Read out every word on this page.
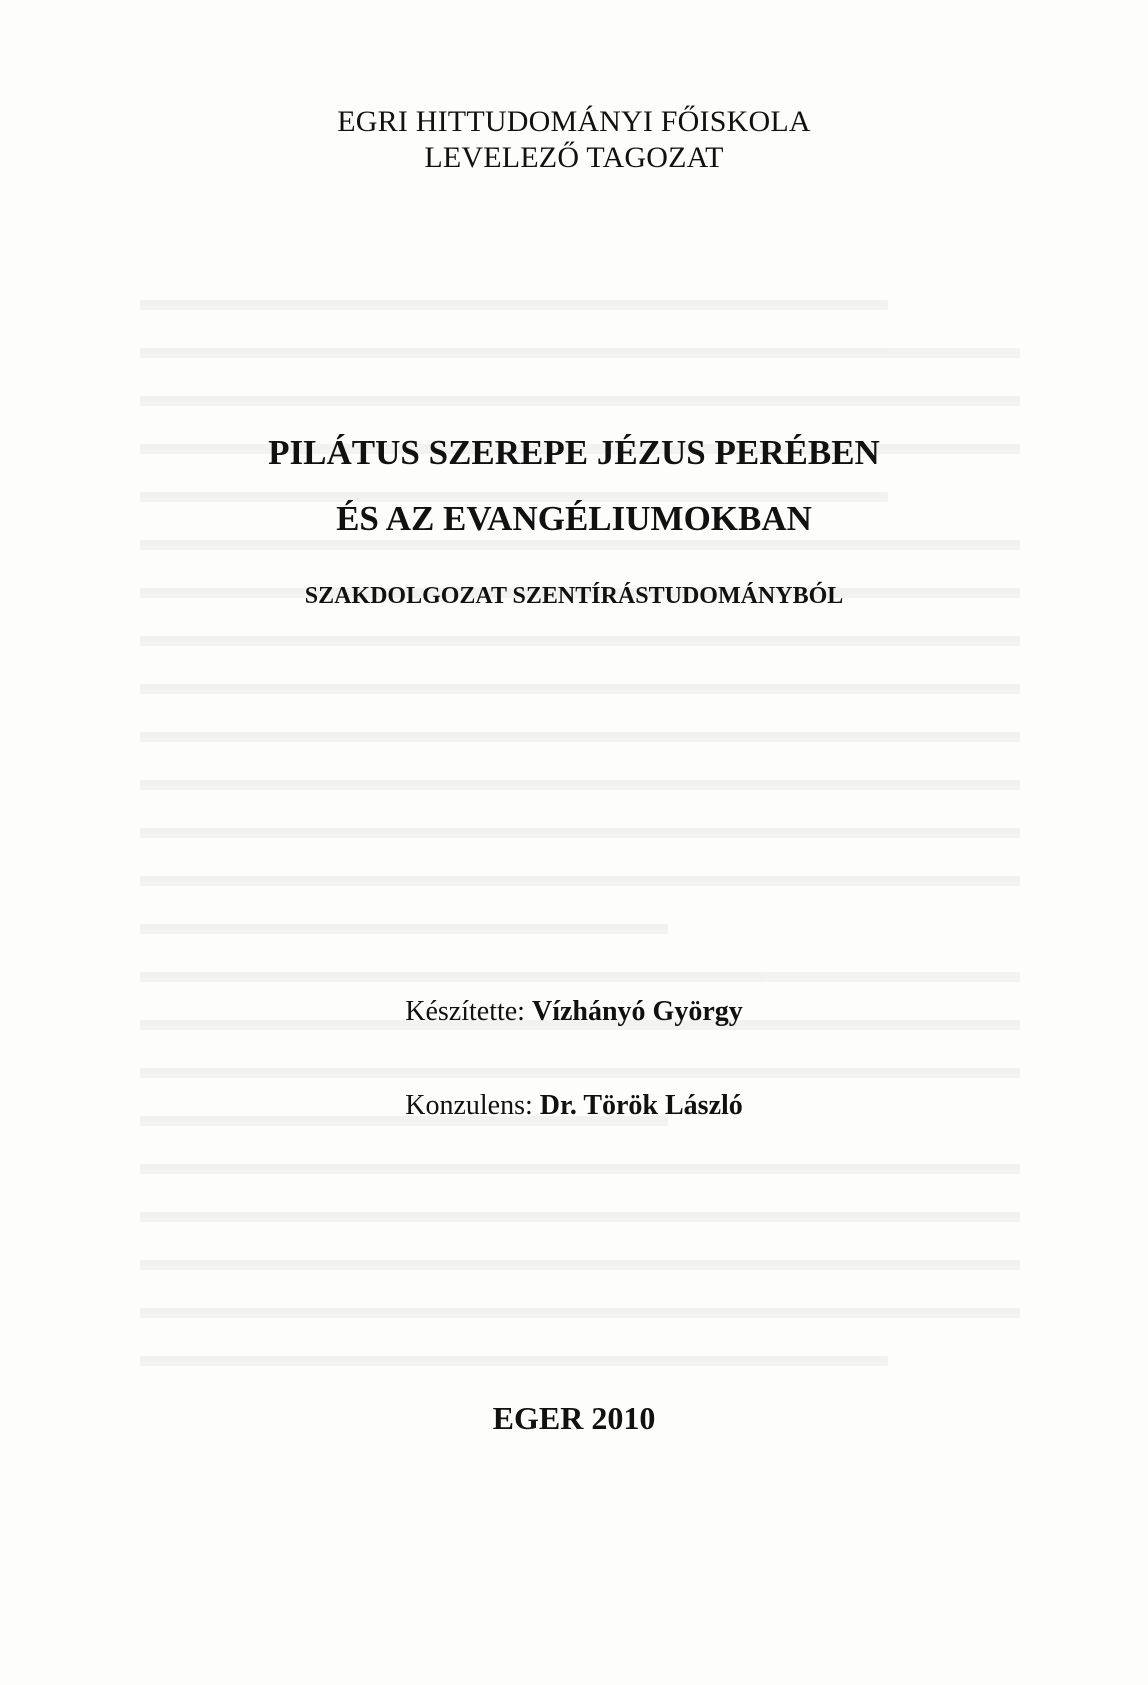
EGRI HITTUDOMÁNYI FŐISKOLA
LEVELEZŐ TAGOZAT
PILÁTUS SZEREPE JÉZUS PERÉBEN
ÉS AZ EVANGÉLIUMOKBAN
SZAKDOLGOZAT SZENTÍRÁSTUDOMÁNYBÓL
Készítette: Vízhányó György
Konzulens: Dr. Török László
EGER 2010
